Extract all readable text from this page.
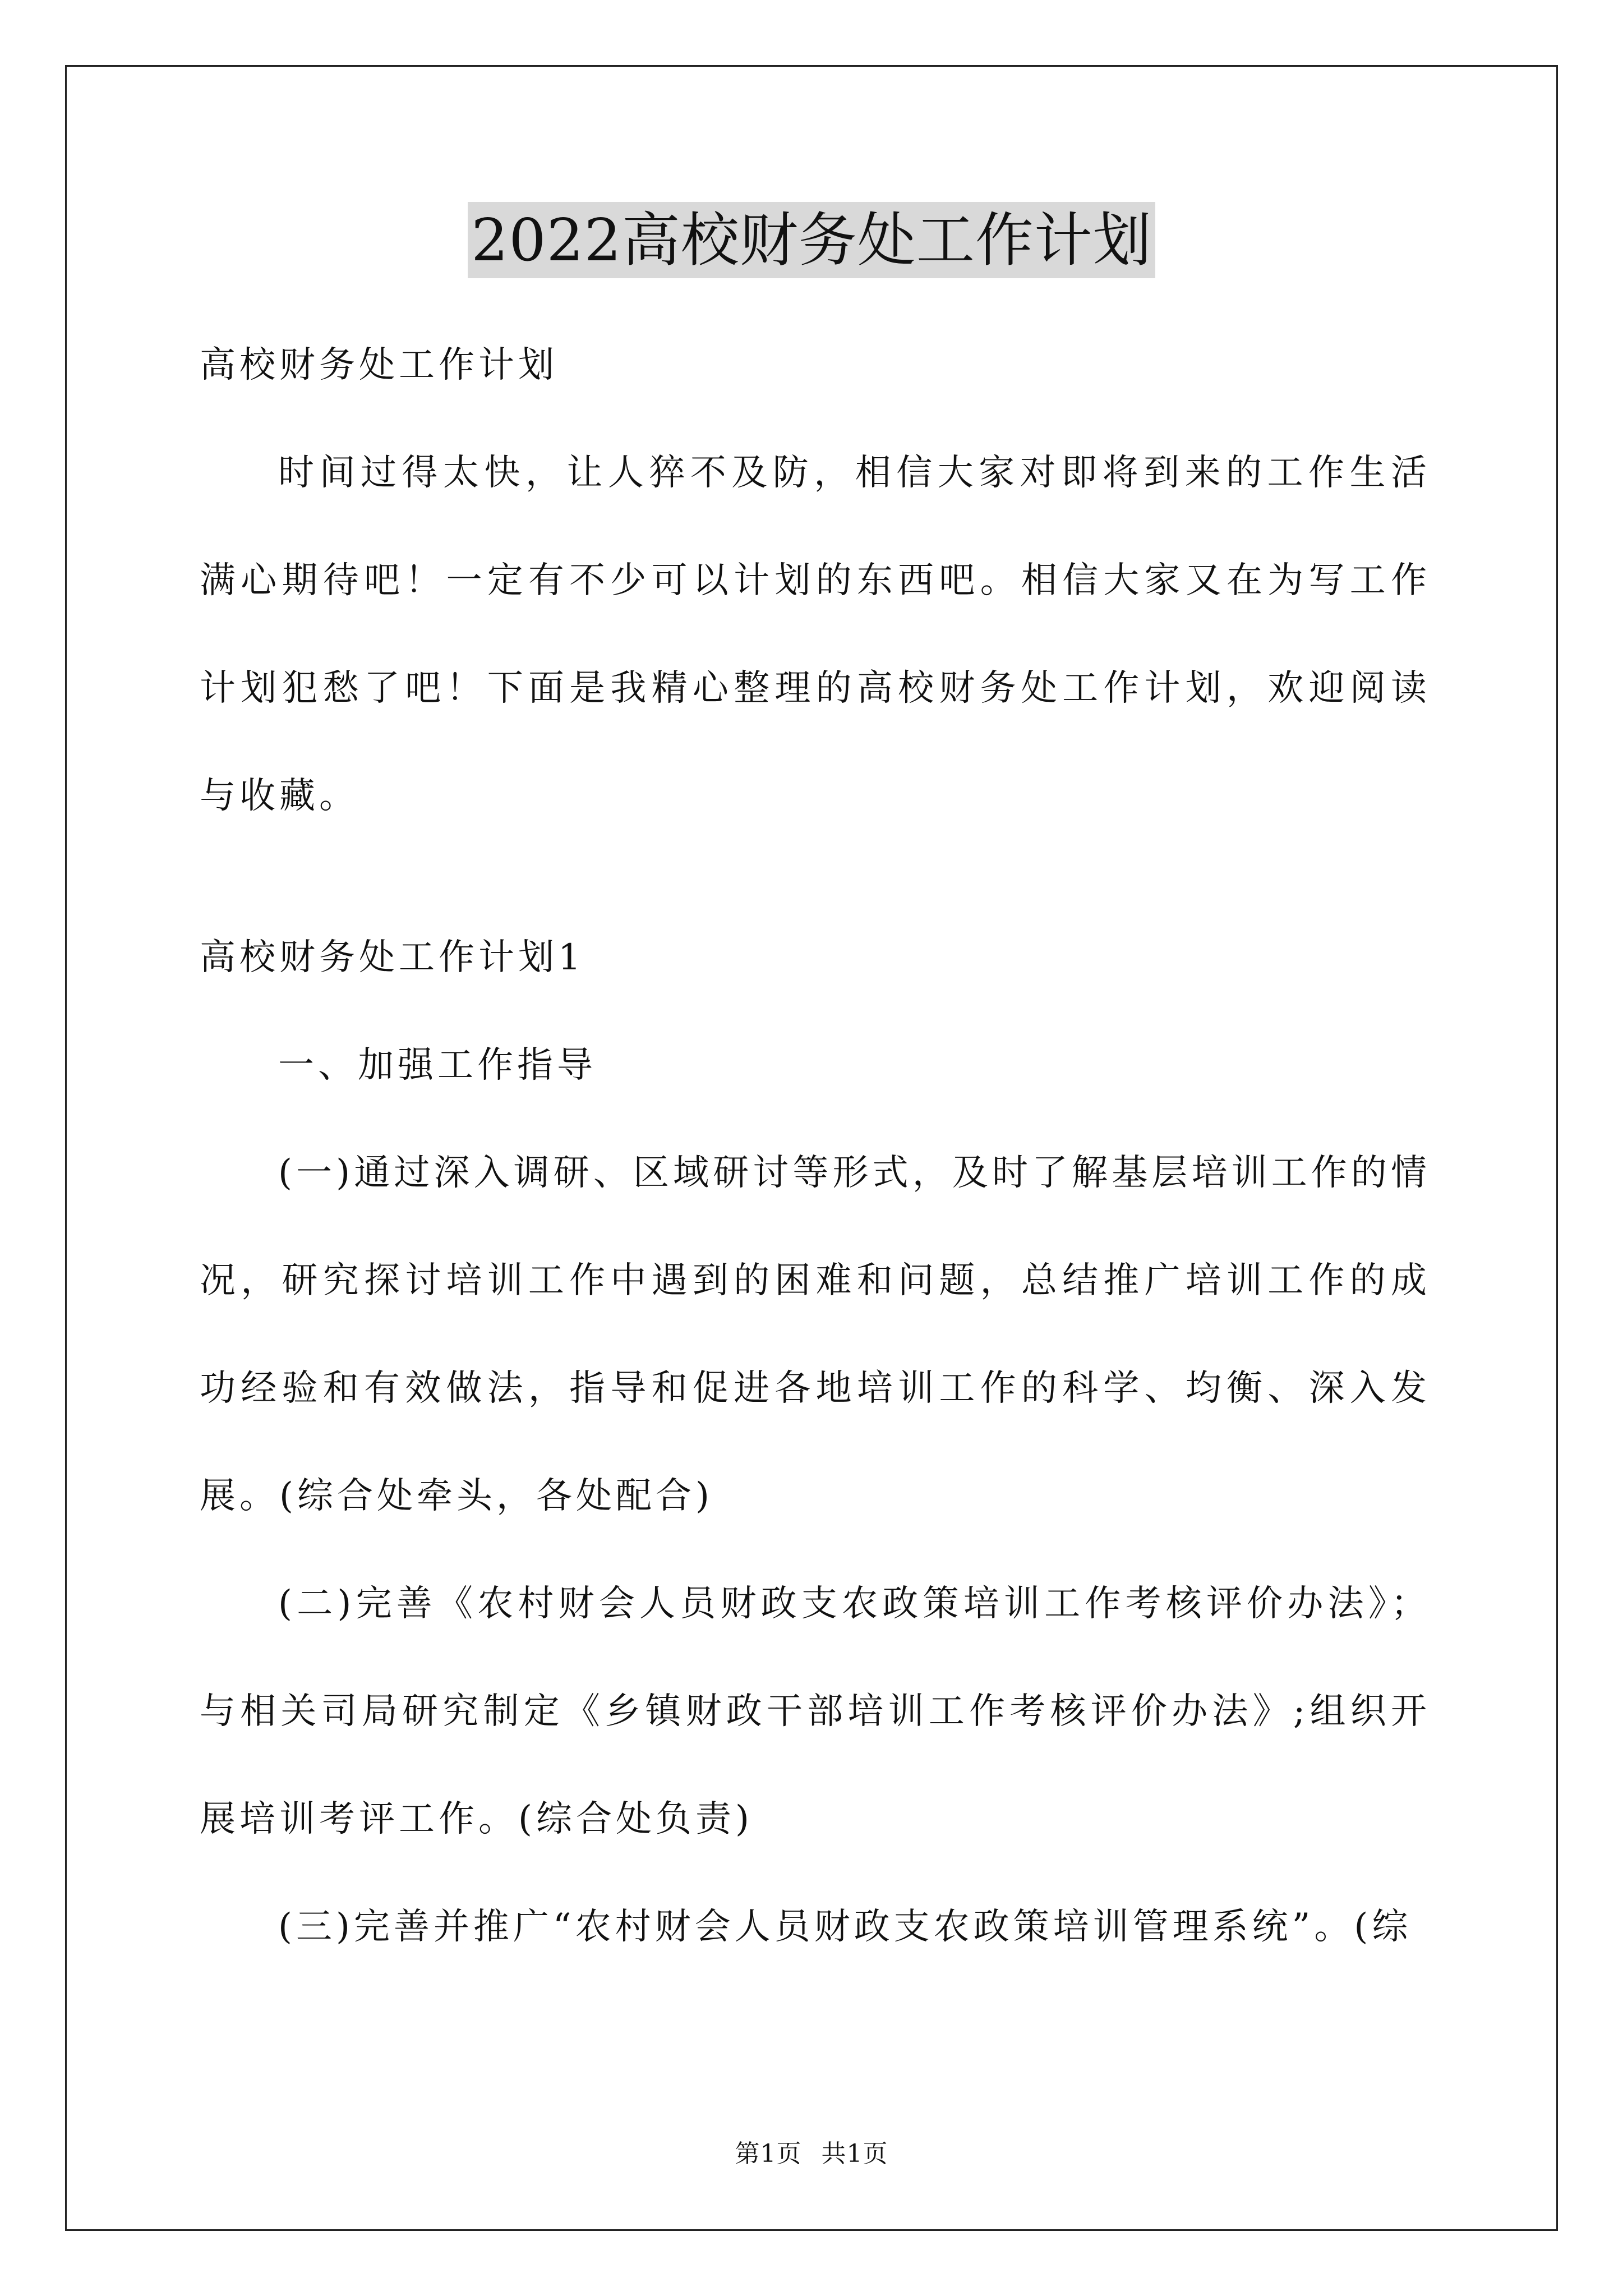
2022高校财务处工作计划

高校财务处工作计划

时间过得太快，让人猝不及防，相信大家对即将到来的工作生活满心期待吧！一定有不少可以计划的东西吧。相信大家又在为写工作计划犯愁了吧！下面是我精心整理的高校财务处工作计划，欢迎阅读与收藏。

高校财务处工作计划1

一、加强工作指导

(一)通过深入调研、区域研讨等形式，及时了解基层培训工作的情况，研究探讨培训工作中遇到的困难和问题，总结推广培训工作的成功经验和有效做法，指导和促进各地培训工作的科学、均衡、深入发展。(综合处牵头，各处配合)

(二)完善《农村财会人员财政支农政策培训工作考核评价办法》；与相关司局研究制定《乡镇财政干部培训工作考核评价办法》;组织开展培训考评工作。(综合处负责)

(三)完善并推广“农村财会人员财政支农政策培训管理系统”。(综

第1页 共1页
